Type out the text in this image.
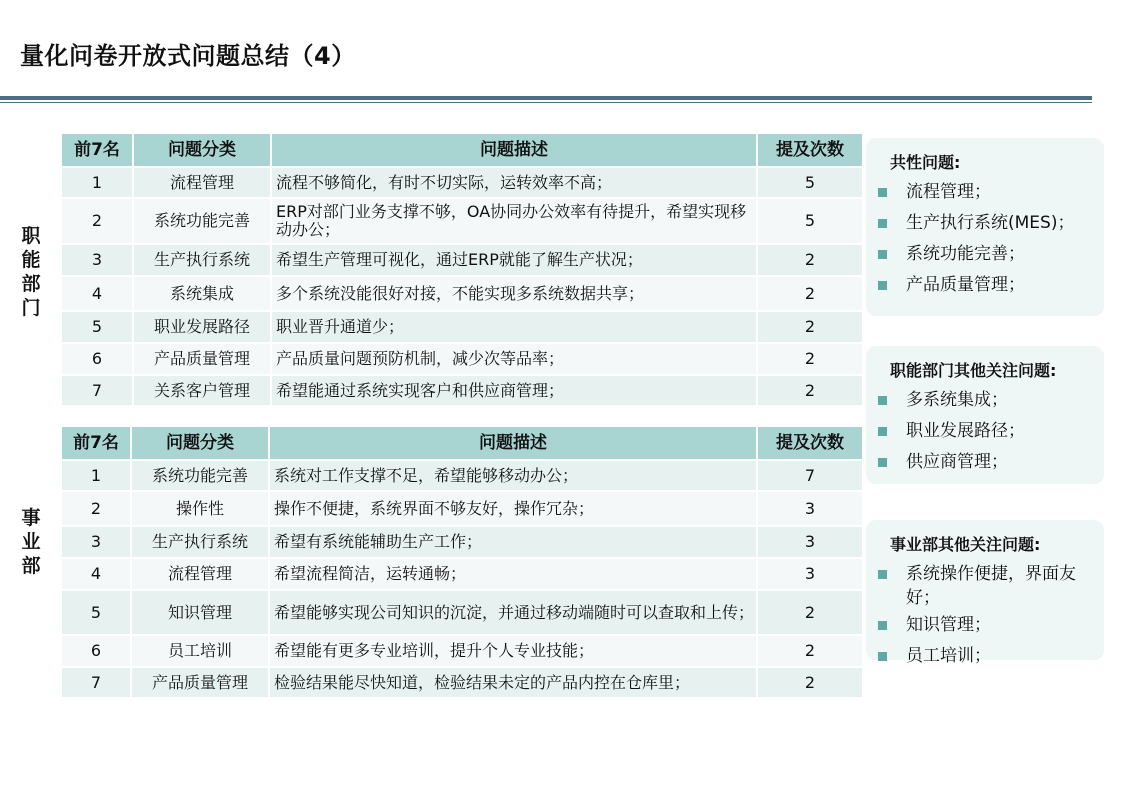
量化问卷开放式问题总结（4）
职能部门
事业部
前7名	问题分类	问题描述	提及次数
1	流程管理	流程不够简化，有时不切实际，运转效率不高；	5
2	系统功能完善	ERP对部门业务支撑不够，OA协同办公效率有待提升，希望实现移动办公；	5
3	生产执行系统	希望生产管理可视化，通过ERP就能了解生产状况；	2
4	系统集成	多个系统没能很好对接，不能实现多系统数据共享；	2
5	职业发展路径	职业晋升通道少；	2
6	产品质量管理	产品质量问题预防机制，减少次等品率；	2
7	关系客户管理	希望能通过系统实现客户和供应商管理；	2
前7名	问题分类	问题描述	提及次数
1	系统功能完善	系统对工作支撑不足，希望能够移动办公；	7
2	操作性	操作不便捷，系统界面不够友好，操作冗杂；	3
3	生产执行系统	希望有系统能辅助生产工作；	3
4	流程管理	希望流程简洁，运转通畅；	3
5	知识管理	希望能够实现公司知识的沉淀，并通过移动端随时可以查取和上传；	2
6	员工培训	希望能有更多专业培训，提升个人专业技能；	2
7	产品质量管理	检验结果能尽快知道，检验结果未定的产品内控在仓库里；	2
共性问题:
流程管理；
生产执行系统(MES)；
系统功能完善；
产品质量管理；
职能部门其他关注问题:
多系统集成；
职业发展路径；
供应商管理；
事业部其他关注问题:
系统操作便捷，界面友好；
知识管理；
员工培训；
